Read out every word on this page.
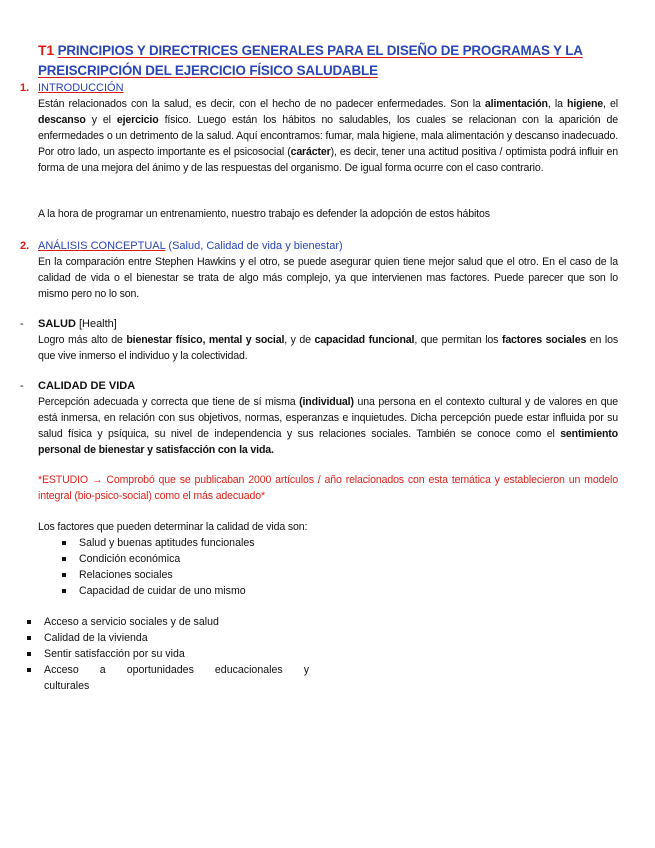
T1 PRINCIPIOS Y DIRECTRICES GENERALES PARA EL DISEÑO DE PROGRAMAS Y LA
PREISCRIPCIÓN DEL EJERCICIO FÍSICO SALUDABLE
1. INTRODUCCIÓN

Están relacionados con la salud, es decir, con el hecho de no padecer enfermedades. Son la alimentación, la higiene, el descanso y el ejercicio físico. Luego están los hábitos no saludables, los cuales se relacionan con la aparición de enfermedades o un detrimento de la salud. Aquí encontramos: fumar, mala higiene, mala alimentación y descanso inadecuado. Por otro lado, un aspecto importante es el psicosocial (carácter), es decir, tener una actitud positiva / optimista podrá influir en forma de una mejora del ánimo y de las respuestas del organismo. De igual forma ocurre con el caso contrario.

A la hora de programar un entrenamiento, nuestro trabajo es defender la adopción de estos hábitos

2. ANÁLISIS CONCEPTUAL (Salud, Calidad de vida y bienestar)

En la comparación entre Stephen Hawkins y el otro, se puede asegurar quien tiene mejor salud que el otro. En el caso de la calidad de vida o el bienestar se trata de algo más complejo, ya que intervienen mas factores. Puede parecer que son lo mismo pero no lo son.

- SALUD [Health]

Logro más alto de bienestar físico, mental y social, y de capacidad funcional, que permitan los factores sociales en los que vive inmerso el individuo y la colectividad.

- CALIDAD DE VIDA

Percepción adecuada y correcta que tiene de sí misma (individual) una persona en el contexto cultural y de valores en que está inmersa, en relación con sus objetivos, normas, esperanzas e inquietudes. Dicha percepción puede estar influida por su salud física y psíquica, su nivel de independencia y sus relaciones sociales. También se conoce como el sentimiento personal de bienestar y satisfacción con la vida.

*ESTUDIO → Comprobó que se publicaban 2000 artículos / año relacionados con esta temática y establecieron un modelo integral (bio-psico-social) como el más adecuado*

Los factores que pueden determinar la calidad de vida son:

Salud y buenas aptitudes funcionales
Condición económica
Relaciones sociales
Capacidad de cuidar de uno mismo
Acceso a servicio sociales y de salud
Calidad de la vivienda
Sentir satisfacción por su vida
Acceso a oportunidades educacionales y culturales
